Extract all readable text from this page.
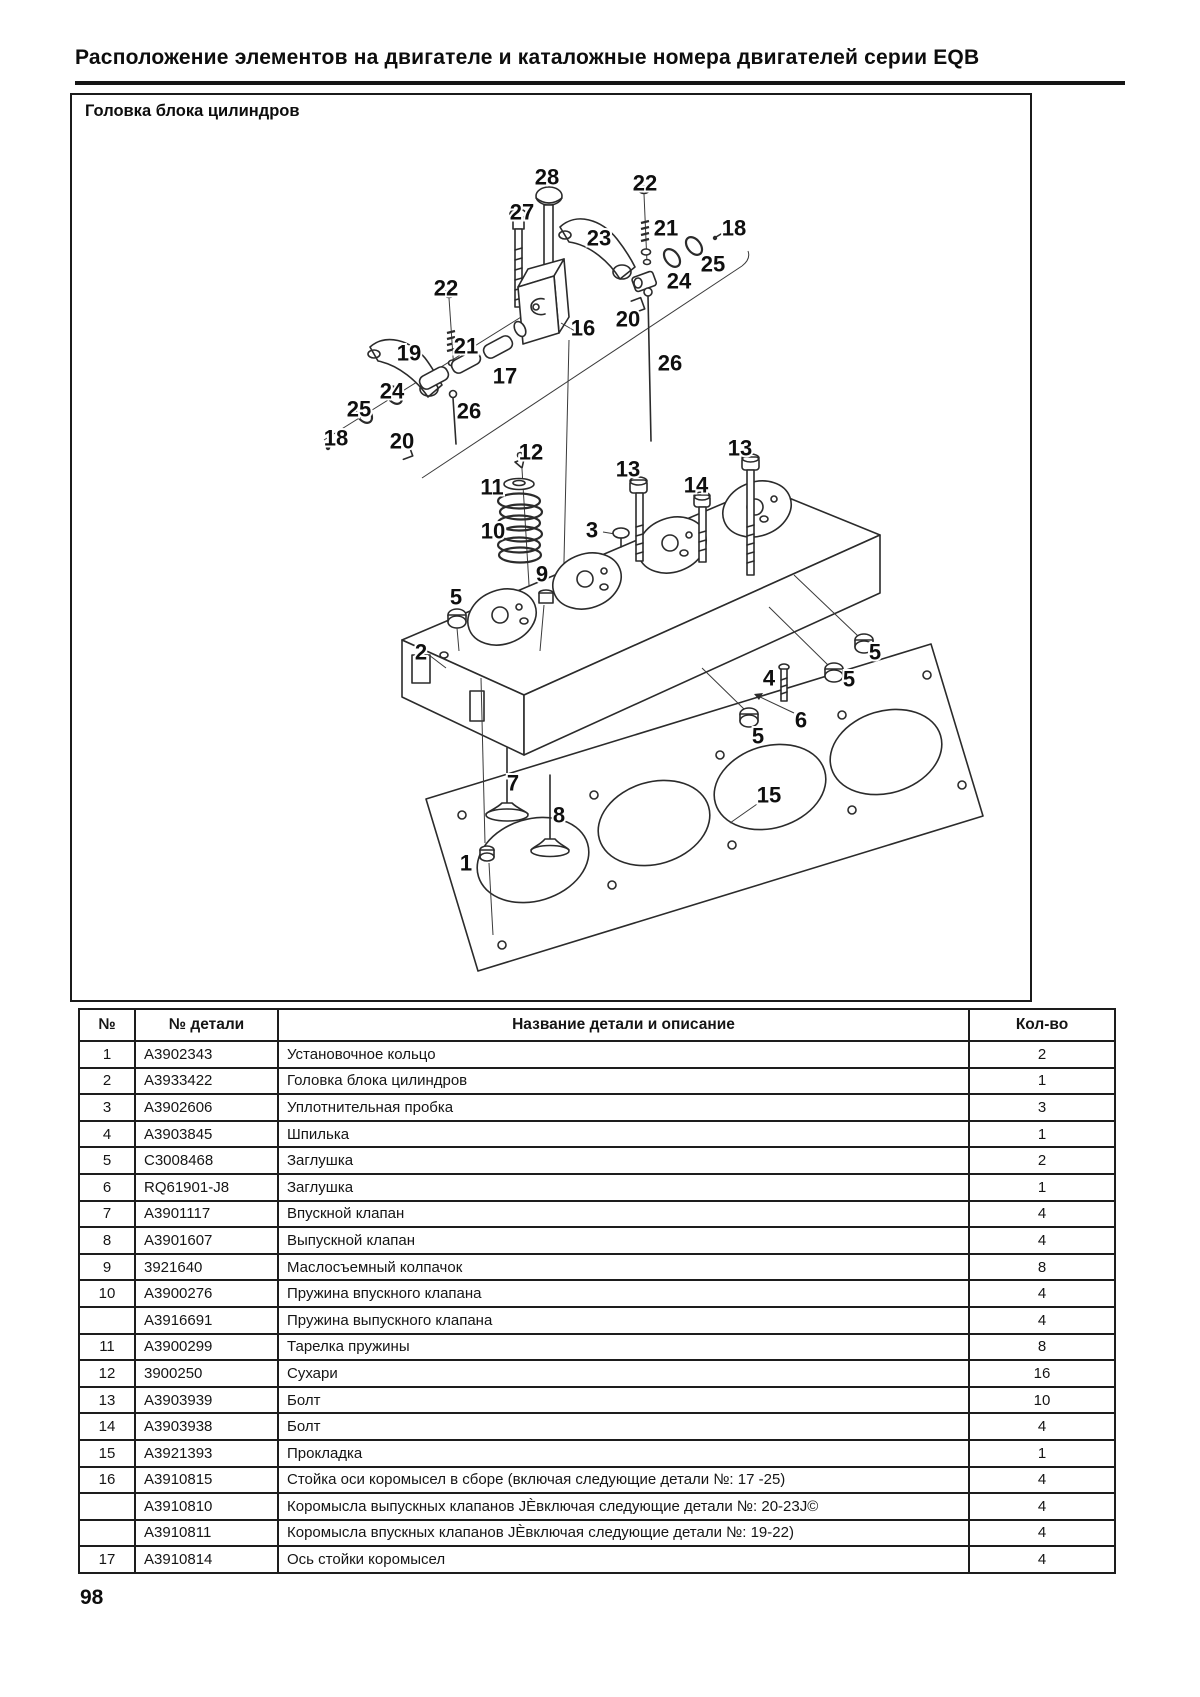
Расположение элементов на двигателе и каталожные номера двигателей серии EQB
Головка блока цилиндров
28
27
22
21
23	18
25
24
20
16
26
22
21
19
17
24
25
18 20
26
12
11
10
9
13
14
13
3
5
2
4
5
5
6
5
7
8
1
15
№	№ детали	Название детали и описание	Кол-во
1	A3902343	Установочное кольцо	2
2	A3933422	Головка блока цилиндров	1
3	A3902606	Уплотнительная пробка	3
4	A3903845	Шпилька	1
5	C3008468	Заглушка	2
6	RQ61901-J8	Заглушка	1
7	A3901117	Впускной клапан	4
8	A3901607	Выпускной клапан	4
9	3921640	Маслосъемный колпачок	8
10	A3900276	Пружина впускного клапана	4
	A3916691	Пружина выпускного клапана	4
11	A3900299	Тарелка пружины	8
12	3900250	Сухари	16
13	A3903939	Болт	10
14	A3903938	Болт	4
15	A3921393	Прокладка	1
16	A3910815	Стойка оси коромысел в сборе (включая следующие детали №: 17 -25)	4
	A3910810	Коромысла выпускных клапанов ЈЀвключая следующие детали №: 20-23Ј©	4
	A3910811	Коромысла впускных клапанов ЈЀвключая следующие детали №: 19-22)	4
17	A3910814	Ось стойки коромысел	4
98
